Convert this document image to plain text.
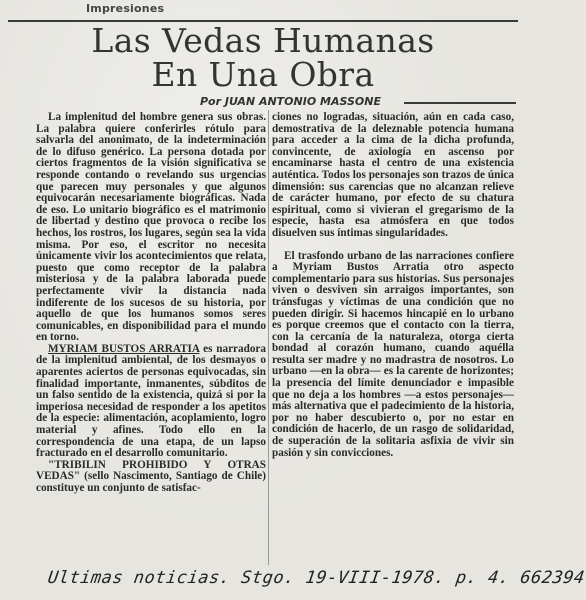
Impresiones
Las Vedas Humanas
En Una Obra
Por JUAN ANTONIO MASSONE

La implenitud del hombre genera sus obras. La palabra quiere conferirles rótulo para salvarla del anonimato, de la indeterminación de lo difuso genérico. La persona dotada por ciertos fragmentos de la visión significativa se responde contando o revelando sus urgencias que parecen muy personales y que algunos equivocarán necesariamente biográficas. Nada de eso. Lo unitario biográfico es el matrimonio de libertad y destino que provoca o recibe los hechos, los rostros, los lugares, según sea la vida misma. Por eso, el escritor no necesita únicamente vivir los acontecimientos que relata, puesto que como receptor de la palabra misteriosa y de la palabra laborada puede perfectamente vivir la distancia nada indiferente de los sucesos de su historia, por aquello de que los humanos somos seres comunicables, en disponibilidad para el mundo en torno.

MYRIAM BUSTOS ARRATIA es narradora de la implenitud ambiental, de los desmayos o aparentes aciertos de personas equivocadas, sin finalidad importante, inmanentes, súbditos de un falso sentido de la existencia, quizá si por la imperiosa necesidad de responder a los apetitos de la especie: alimentación, acoplamiento, logro material y afines. Todo ello en la correspondencia de una etapa, de un lapso fracturado en el desarrollo comunitario.

"TRIBILIN PROHIBIDO Y OTRAS VEDAS" (sello Nascimento, Santiago de Chile) constituye un conjunto de satisfac-

ciones no logradas, situación, aún en cada caso, demostrativa de la deleznable potencia humana para acceder a la cima de la dicha profunda, convincente, de axiología en ascenso por encaminarse hasta el centro de una existencia auténtica. Todos los personajes son trazos de única dimensión: sus carencias que no alcanzan relieve de carácter humano, por efecto de su chatura espiritual, como si vivieran el gregarismo de la especie, hasta esa atmósfera en que todos disuelven sus íntimas singularidades.

El trasfondo urbano de las narraciones confiere a Myriam Bustos Arratia otro aspecto complementario para sus historias. Sus personajes viven o desviven sin arraigos importantes, son tránsfugas y víctimas de una condición que no pueden dirigir. Si hacemos hincapié en lo urbano es porque creemos que el contacto con la tierra, con la cercanía de la naturaleza, otorga cierta bondad al corazón humano, cuando aquélla resulta ser madre y no madrastra de nosotros. Lo urbano —en la obra— es la carente de horizontes; la presencia del límite denunciador e impasible que no deja a los hombres —a estos personajes— más alternativa que el padecimiento de la historia, por no haber descubierto o, por no estar en condición de hacerlo, de un rasgo de solidaridad, de superación de la solitaria asfixia de vivir sin pasión y sin convicciones.

Ultimas noticias. Stgo. 19-VIII-1978. p. 4. 662394
